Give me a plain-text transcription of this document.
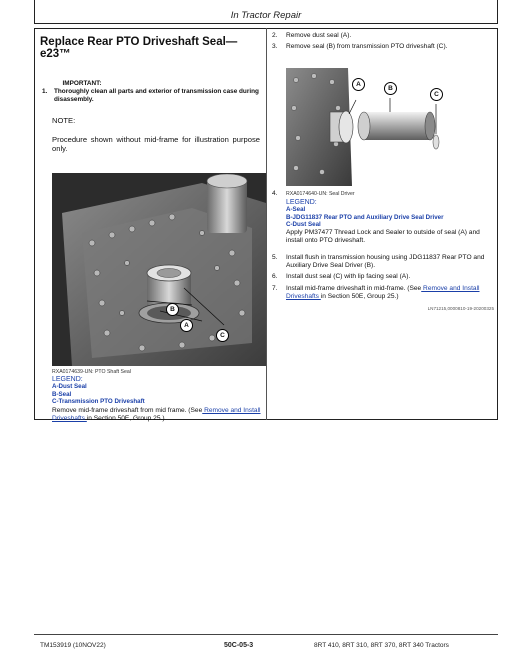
In Tractor Repair
Replace Rear PTO Driveshaft Seal—e23™
IMPORTANT:
1.	Thoroughly clean all parts and exterior of transmission case during disassembly.
NOTE:
Procedure shown without mid-frame for illustration purpose only.
B
A
C
RXA0174639-UN: PTO Shaft Seal
LEGEND:
A-Dust Seal
B-Seal
C-Transmission PTO Driveshaft
Remove mid-frame driveshaft from mid frame. (See Remove and Install Driveshafts in Section 50E, Group 25.)
2.	Remove dust seal (A).
3.	Remove seal (B) from transmission PTO driveshaft (C).
A
B
C
4.	RXA0174640-UN: Seal Driver
LEGEND:
A-Seal
B-JDG11837 Rear PTO and Auxiliary Drive Seal Driver
C-Dust Seal
Apply PM37477 Thread Lock and Sealer to outside of seal (A) and install onto PTO driveshaft.
5.	Install flush in transmission housing using JDG11837 Rear PTO and Auxiliary Drive Seal Driver (B).
6.	Install dust seal (C) with lip facing seal (A).
7.	Install mid-frame driveshaft in mid-frame. (See Remove and Install Driveshafts in Section 50E, Group 25.)
LN71215,0000810-19-20200325
TM153919 (10NOV22)	50C-05-3	8RT 410, 8RT 310, 8RT 370, 8RT 340 Tractors
